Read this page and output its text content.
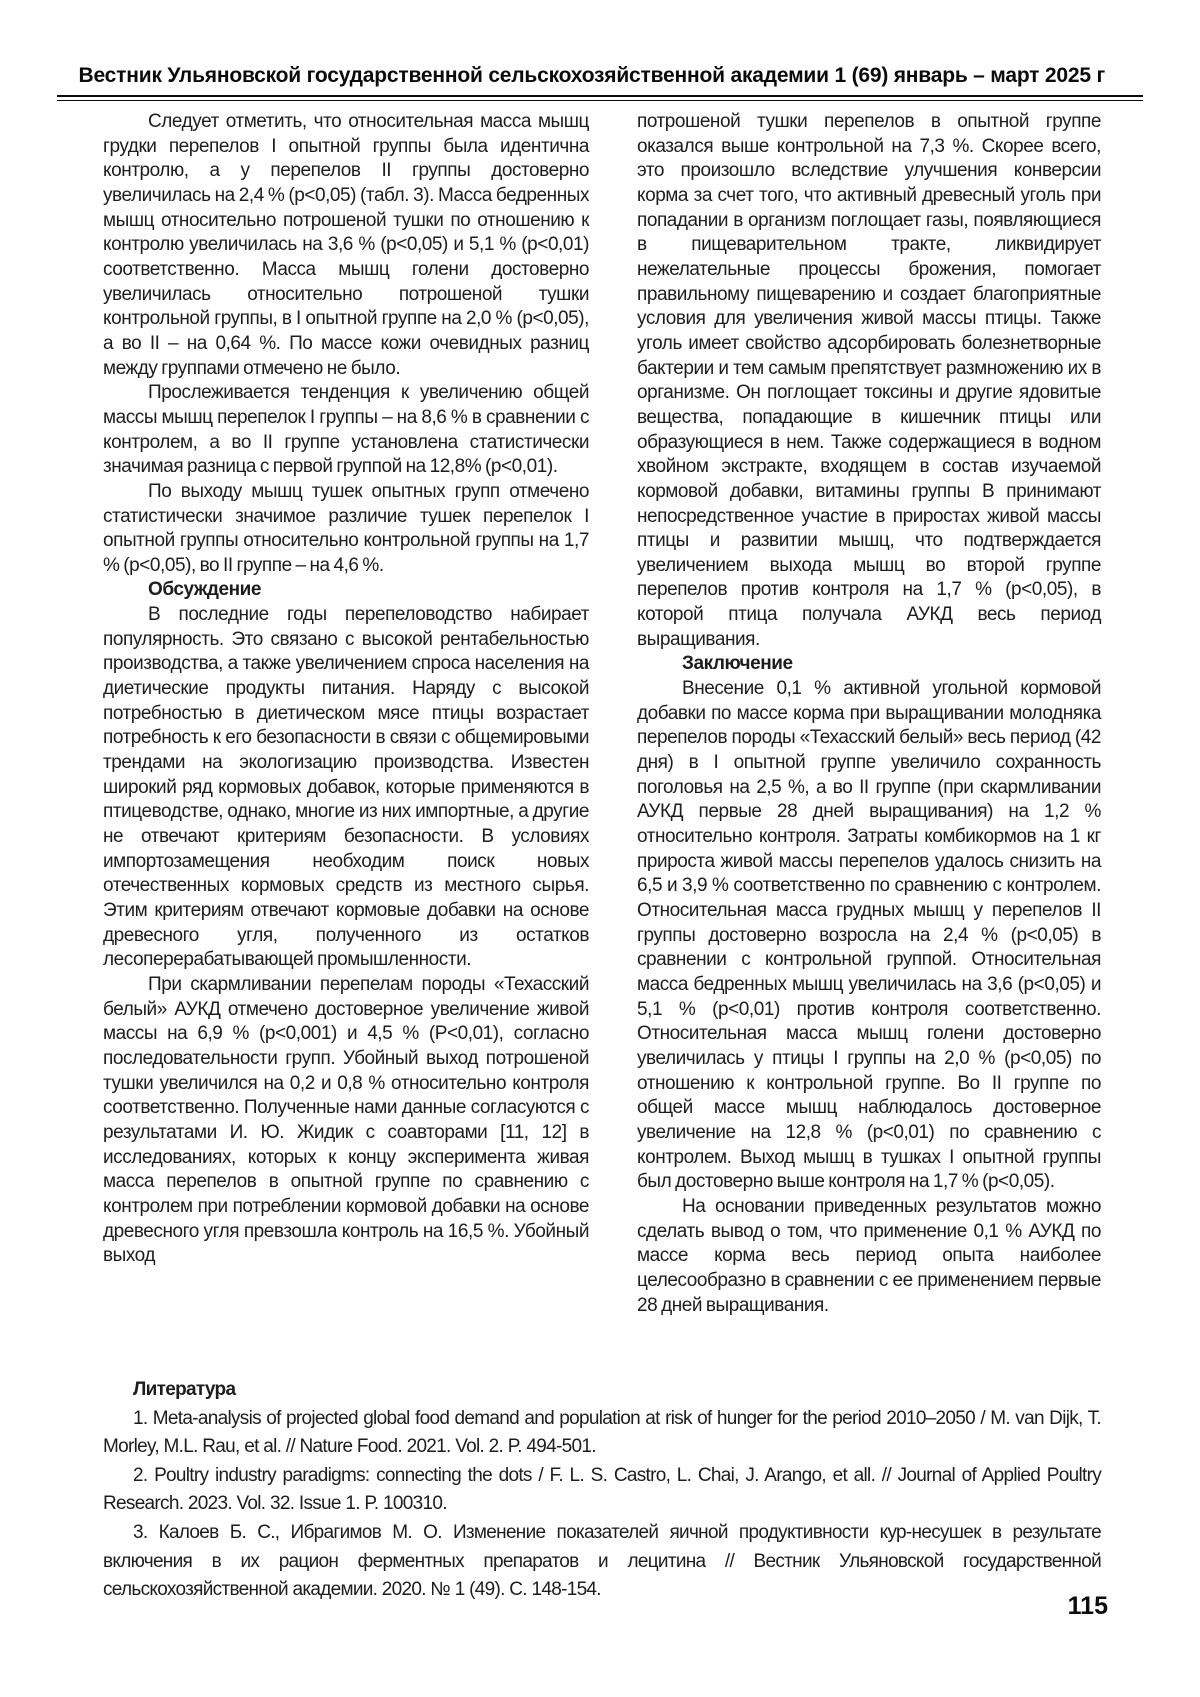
Вестник Ульяновской государственной сельскохозяйственной академии 1 (69) январь – март 2025 г

Следует отметить, что относительная масса мышц грудки перепелов I опытной группы была идентична контролю, а у перепелов II группы достоверно увеличилась на 2,4 % (p<0,05) (табл. 3). Масса бедренных мышц относительно потрошеной тушки по отношению к контролю увеличилась на 3,6 % (p<0,05) и 5,1 % (p<0,01) соответственно. Масса мышц голени достоверно увеличилась относительно потрошеной тушки контрольной группы, в I опытной группе на 2,0 % (p<0,05), а во II – на 0,64 %. По массе кожи очевидных разниц между группами отмечено не было.

Прослеживается тенденция к увеличению общей массы мышц перепелок I группы – на 8,6 % в сравнении с контролем, а во II группе установлена статистически значимая разница с первой группой на 12,8% (p<0,01).

По выходу мышц тушек опытных групп отмечено статистически значимое различие тушек перепелок I опытной группы относительно контрольной группы на 1,7 % (p<0,05), во II группе – на 4,6 %.

Обсуждение

В последние годы перепеловодство набирает популярность. Это связано с высокой рентабельностью производства, а также увеличением спроса населения на диетические продукты питания. Наряду с высокой потребностью в диетическом мясе птицы возрастает потребность к его безопасности в связи с общемировыми трендами на экологизацию производства. Известен широкий ряд кормовых добавок, которые применяются в птицеводстве, однако, многие из них импортные, а другие не отвечают критериям безопасности. В условиях импортозамещения необходим поиск новых отечественных кормовых средств из местного сырья. Этим критериям отвечают кормовые добавки на основе древесного угля, полученного из остатков лесоперерабатывающей промышленности.

При скармливании перепелам породы «Техасский белый» АУКД отмечено достоверное увеличение живой массы на 6,9 % (p<0,001) и 4,5 % (P<0,01), согласно последовательности групп. Убойный выход потрошеной тушки увеличился на 0,2 и 0,8 % относительно контроля соответственно. Полученные нами данные согласуются с результатами И. Ю. Жидик с соавторами [11, 12] в исследованиях, которых к концу эксперимента живая масса перепелов в опытной группе по сравнению с контролем при потреблении кормовой добавки на основе древесного угля превзошла контроль на 16,5 %. Убойный выход

потрошеной тушки перепелов в опытной группе оказался выше контрольной на 7,3 %. Скорее всего, это произошло вследствие улучшения конверсии корма за счет того, что активный древесный уголь при попадании в организм поглощает газы, появляющиеся в пищеварительном тракте, ликвидирует нежелательные процессы брожения, помогает правильному пищеварению и создает благоприятные условия для увеличения живой массы птицы. Также уголь имеет свойство адсорбировать болезнетворные бактерии и тем самым препятствует размножению их в организме. Он поглощает токсины и другие ядовитые вещества, попадающие в кишечник птицы или образующиеся в нем. Также содержащиеся в водном хвойном экстракте, входящем в состав изучаемой кормовой добавки, витамины группы В принимают непосредственное участие в приростах живой массы птицы и развитии мышц, что подтверждается увеличением выхода мышц во второй группе перепелов против контроля на 1,7 % (p<0,05), в которой птица получала АУКД весь период выращивания.

Заключение

Внесение 0,1 % активной угольной кормовой добавки по массе корма при выращивании молодняка перепелов породы «Техасский белый» весь период (42 дня) в I опытной группе увеличило сохранность поголовья на 2,5 %, а во II группе (при скармливании АУКД первые 28 дней выращивания) на 1,2 % относительно контроля. Затраты комбикормов на 1 кг прироста живой массы перепелов удалось снизить на 6,5 и 3,9 % соответственно по сравнению с контролем. Относительная масса грудных мышц у перепелов II группы достоверно возросла на 2,4 % (p<0,05) в сравнении с контрольной группой. Относительная масса бедренных мышц увеличилась на 3,6 (p<0,05) и 5,1 % (p<0,01) против контроля соответственно. Относительная масса мышц голени достоверно увеличилась у птицы I группы на 2,0 % (p<0,05) по отношению к контрольной группе. Во II группе по общей массе мышц наблюдалось достоверное увеличение на 12,8 % (p<0,01) по сравнению с контролем. Выход мышц в тушках I опытной группы был достоверно выше контроля на 1,7 % (p<0,05).

На основании приведенных результатов можно сделать вывод о том, что применение 0,1 % АУКД по массе корма весь период опыта наиболее целесообразно в сравнении с ее применением первые 28 дней выращивания.

Литература

1. Meta-analysis of projected global food demand and population at risk of hunger for the period 2010–2050 / M. van Dijk, T. Morley, M.L. Rau, et al. // Nature Food. 2021. Vol. 2. P. 494-501.

2. Poultry industry paradigms: connecting the dots / F. L. S. Castro, L. Chai, J. Arango, et all. // Journal of Applied Poultry Research. 2023. Vol. 32. Issue 1. P. 100310.

3. Калоев Б. С., Ибрагимов М. О. Изменение показателей яичной продуктивности кур-несушек в результате включения в их рацион ферментных препаратов и лецитина // Вестник Ульяновской государственной сельскохозяйственной академии. 2020. № 1 (49). С. 148-154.

115
